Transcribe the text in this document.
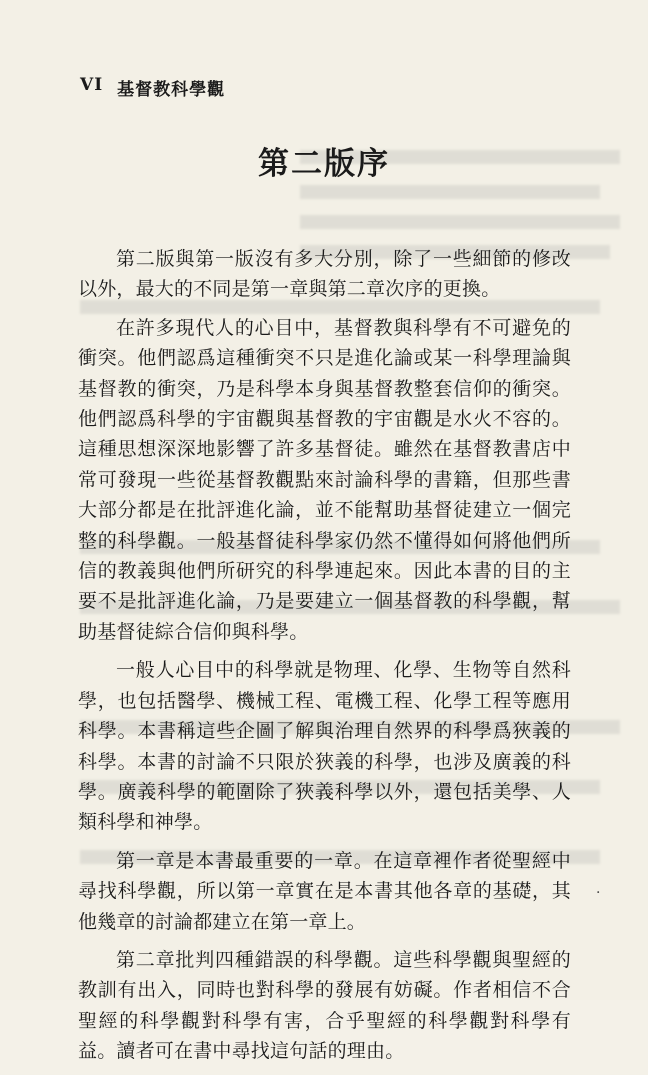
VI 基督教科學觀
第二版序

第二版與第一版沒有多大分別，除了一些細節的修改以外，最大的不同是第一章與第二章次序的更換。

在許多現代人的心目中，基督教與科學有不可避免的衝突。他們認爲這種衝突不只是進化論或某一科學理論與基督教的衝突，乃是科學本身與基督教整套信仰的衝突。他們認爲科學的宇宙觀與基督教的宇宙觀是水火不容的。這種思想深深地影響了許多基督徒。雖然在基督教書店中常可發現一些從基督教觀點來討論科學的書籍，但那些書大部分都是在批評進化論，並不能幫助基督徒建立一個完整的科學觀。一般基督徒科學家仍然不懂得如何將他們所信的教義與他們所研究的科學連起來。因此本書的目的主要不是批評進化論，乃是要建立一個基督教的科學觀，幫助基督徒綜合信仰與科學。

一般人心目中的科學就是物理、化學、生物等自然科學，也包括醫學、機械工程、電機工程、化學工程等應用科學。本書稱這些企圖了解與治理自然界的科學爲狹義的科學。本書的討論不只限於狹義的科學，也涉及廣義的科學。廣義科學的範圍除了狹義科學以外，還包括美學、人類科學和神學。

第一章是本書最重要的一章。在這章裡作者從聖經中尋找科學觀，所以第一章實在是本書其他各章的基礎，其他幾章的討論都建立在第一章上。

第二章批判四種錯誤的科學觀。這些科學觀與聖經的教訓有出入，同時也對科學的發展有妨礙。作者相信不合聖經的科學觀對科學有害，合乎聖經的科學觀對科學有益。讀者可在書中尋找這句話的理由。

·
